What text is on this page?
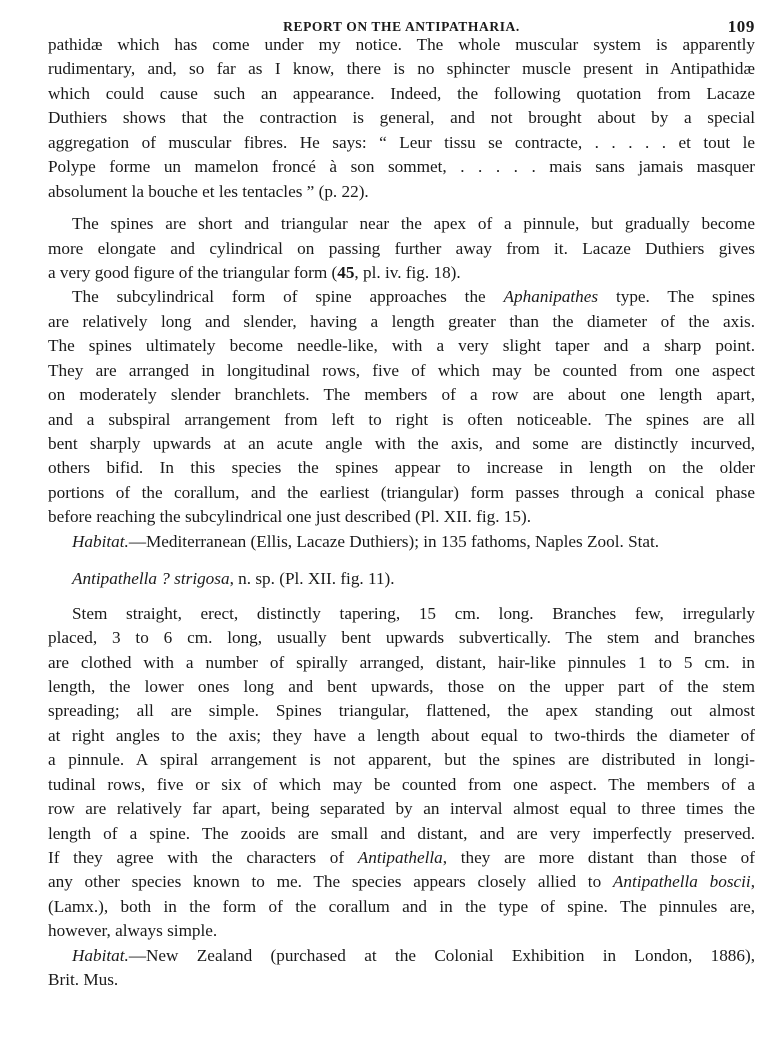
REPORT ON THE ANTIPATHARIA.	109
pathidæ which has come under my notice. The whole muscular system is apparently
rudimentary, and, so far as I know, there is no sphincter muscle present in Antipathidæ
which could cause such an appearance. Indeed, the following quotation from Lacaze
Duthiers shows that the contraction is general, and not brought about by a special
aggregation of muscular fibres. He says: “ Leur tissu se contracte, . . . . . et tout le
Polype forme un mamelon froncé à son sommet, . . . . . mais sans jamais masquer
absolument la bouche et les tentacles ” (p. 22).
The spines are short and triangular near the apex of a pinnule, but gradually become
more elongate and cylindrical on passing further away from it. Lacaze Duthiers gives
a very good figure of the triangular form (45, pl. iv. fig. 18).
The subcylindrical form of spine approaches the Aphanipathes type. The spines
are relatively long and slender, having a length greater than the diameter of the axis.
The spines ultimately become needle-like, with a very slight taper and a sharp point.
They are arranged in longitudinal rows, five of which may be counted from one aspect
on moderately slender branchlets. The members of a row are about one length apart,
and a subspiral arrangement from left to right is often noticeable. The spines are all
bent sharply upwards at an acute angle with the axis, and some are distinctly incurved,
others bifid. In this species the spines appear to increase in length on the older
portions of the corallum, and the earliest (triangular) form passes through a conical phase
before reaching the subcylindrical one just described (Pl. XII. fig. 15).
Habitat.—Mediterranean (Ellis, Lacaze Duthiers); in 135 fathoms, Naples Zool. Stat.
Antipathella ? strigosa, n. sp. (Pl. XII. fig. 11).
Stem straight, erect, distinctly tapering, 15 cm. long. Branches few, irregularly
placed, 3 to 6 cm. long, usually bent upwards subvertically. The stem and branches
are clothed with a number of spirally arranged, distant, hair-like pinnules 1 to 5 cm. in
length, the lower ones long and bent upwards, those on the upper part of the stem
spreading; all are simple. Spines triangular, flattened, the apex standing out almost
at right angles to the axis; they have a length about equal to two-thirds the diameter of
a pinnule. A spiral arrangement is not apparent, but the spines are distributed in longi-
tudinal rows, five or six of which may be counted from one aspect. The members of a
row are relatively far apart, being separated by an interval almost equal to three times the
length of a spine. The zooids are small and distant, and are very imperfectly preserved.
If they agree with the characters of Antipathella, they are more distant than those of
any other species known to me. The species appears closely allied to Antipathella boscii,
(Lamx.), both in the form of the corallum and in the type of spine. The pinnules are,
however, always simple.
Habitat.—New Zealand (purchased at the Colonial Exhibition in London, 1886),
Brit. Mus.
